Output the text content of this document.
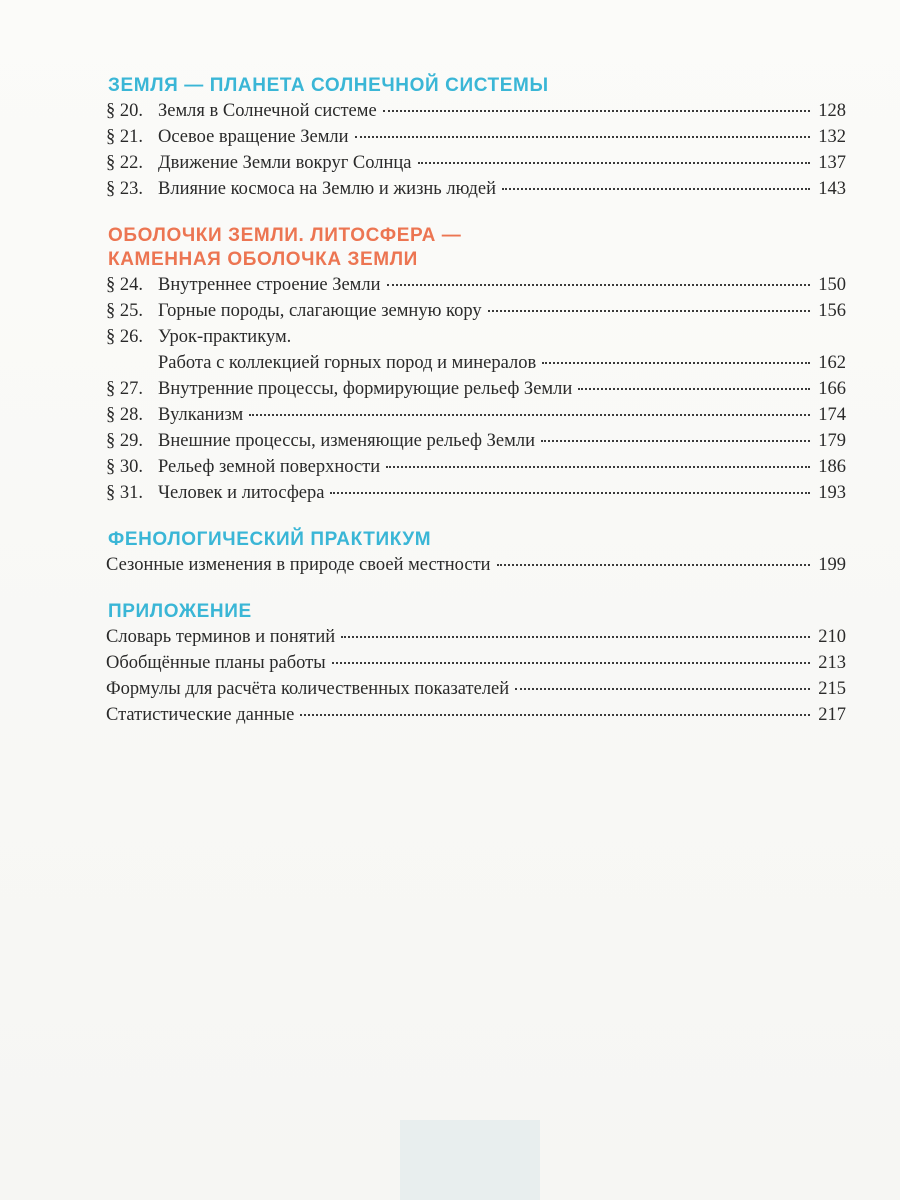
ЗЕМЛЯ — ПЛАНЕТА СОЛНЕЧНОЙ СИСТЕМЫ
§ 20. Земля в Солнечной системе	128
§ 21. Осевое вращение Земли	132
§ 22. Движение Земли вокруг Солнца	137
§ 23. Влияние космоса на Землю и жизнь людей	143
ОБОЛОЧКИ ЗЕМЛИ. ЛИТОСФЕРА —
КАМЕННАЯ ОБОЛОЧКА ЗЕМЛИ
§ 24. Внутреннее строение Земли	150
§ 25. Горные породы, слагающие земную кору	156
§ 26. Урок-практикум.
Работа с коллекцией горных пород и минералов	162
§ 27. Внутренние процессы, формирующие рельеф Земли	166
§ 28. Вулканизм	174
§ 29. Внешние процессы, изменяющие рельеф Земли	179
§ 30. Рельеф земной поверхности	186
§ 31. Человек и литосфера	193
ФЕНОЛОГИЧЕСКИЙ ПРАКТИКУМ
Сезонные изменения в природе своей местности	199
ПРИЛОЖЕНИЕ
Словарь терминов и понятий	210
Обобщённые планы работы	213
Формулы для расчёта количественных показателей	215
Статистические данные	217
